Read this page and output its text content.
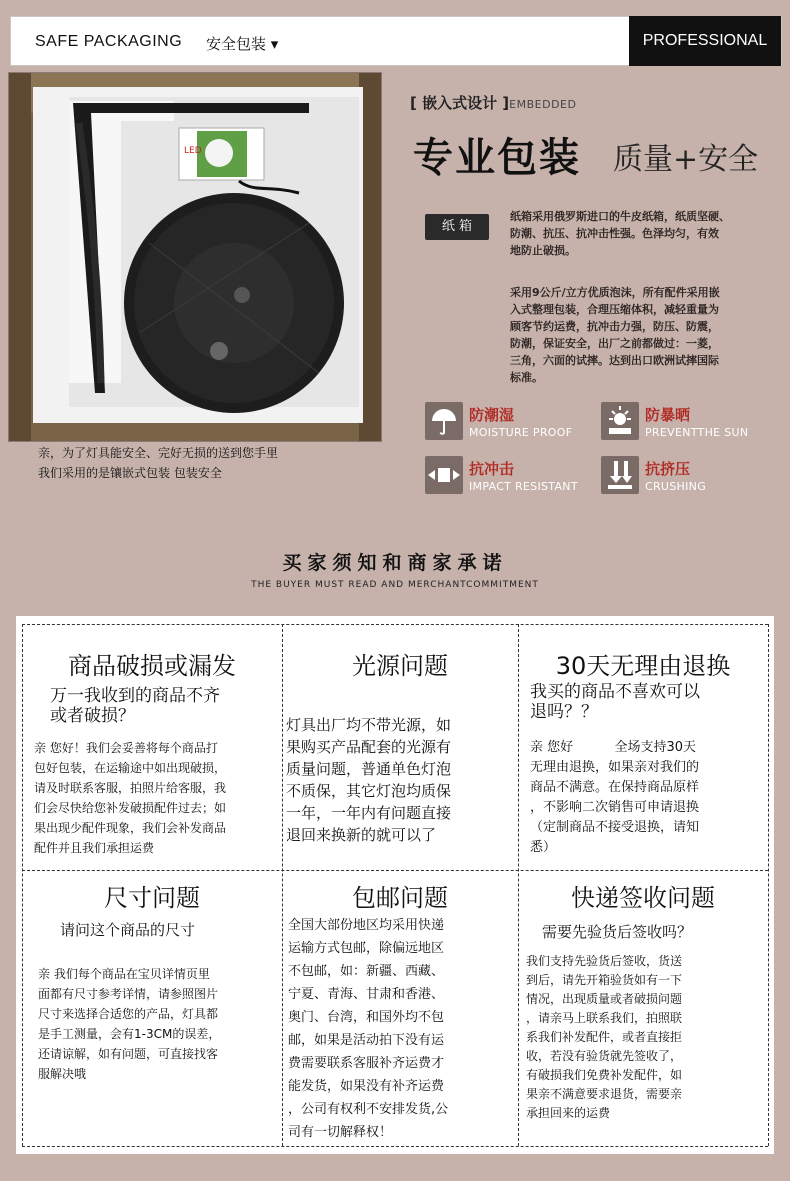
SAFE PACKAGING 安全包装 ▾	PROFESSIONAL
LED
亲，为了灯具能安全、完好无损的送到您手里
我们采用的是镶嵌式包装 包装安全
[ 嵌入式设计 ]EMBEDDED
专业包装 质量+安全
纸 箱
纸箱采用俄罗斯进口的牛皮纸箱，纸质坚硬、
防潮、抗压、抗冲击性强。色泽均匀，有效
地防止破损。
采用9公斤/立方优质泡沫，所有配件采用嵌
入式整理包装，合理压缩体积，减轻重量为
顾客节约运费，抗冲击力强，防压、防震，
防潮，保证安全，出厂之前都做过：一菱，
三角，六面的试摔。达到出口欧洲试摔国际
标准。
防潮湿
MOISTURE PROOF
防暴晒
PREVENTTHE SUN
抗冲击
IMPACT RESISTANT
抗挤压
CRUSHING
买家须知和商家承诺
THE BUYER MUST READ AND MERCHANTCOMMITMENT
商品破损或漏发
万一我收到的商品不齐
或者破损？
亲 您好！我们会妥善将每个商品打
包好包装，在运输途中如出现破损，
请及时联系客服，拍照片给客服，我
们会尽快给您补发破损配件过去；如
果出现少配件现象，我们会补发商品
配件并且我们承担运费
光源问题
灯具出厂均不带光源，如
果购买产品配套的光源有
质量问题，普通单色灯泡
不质保，其它灯泡均质保
一年，一年内有问题直接
退回来换新的就可以了
30天无理由退换
我买的商品不喜欢可以
退吗？？
亲 您好          全场支持30天
无理由退换，如果亲对我们的
商品不满意。在保持商品原样
，不影响二次销售可申请退换
（定制商品不接受退换，请知
悉）
尺寸问题
请问这个商品的尺寸
亲 我们每个商品在宝贝详情页里
面都有尺寸参考详情，请参照图片
尺寸来选择合适您的产品，灯具都
是手工测量，会有1-3CM的误差，
还请谅解，如有问题，可直接找客
服解决哦
包邮问题
全国大部份地区均采用快递
运输方式包邮，除偏远地区
不包邮，如：新疆、西藏、
宁夏、青海、甘肃和香港、
奥门、台湾，和国外均不包
邮，如果是活动拍下没有运
费需要联系客服补齐运费才
能发货，如果没有补齐运费
，公司有权利不安排发货,公
司有一切解释权！
快递签收问题
需要先验货后签收吗？
我们支持先验货后签收，货送
到后，请先开箱验货如有一下
情况，出现质量或者破损问题
，请亲马上联系我们，拍照联
系我们补发配件，或者直接拒
收，若没有验货就先签收了，
有破损我们免费补发配件，如
果亲不满意要求退货，需要亲
承担回来的运费
